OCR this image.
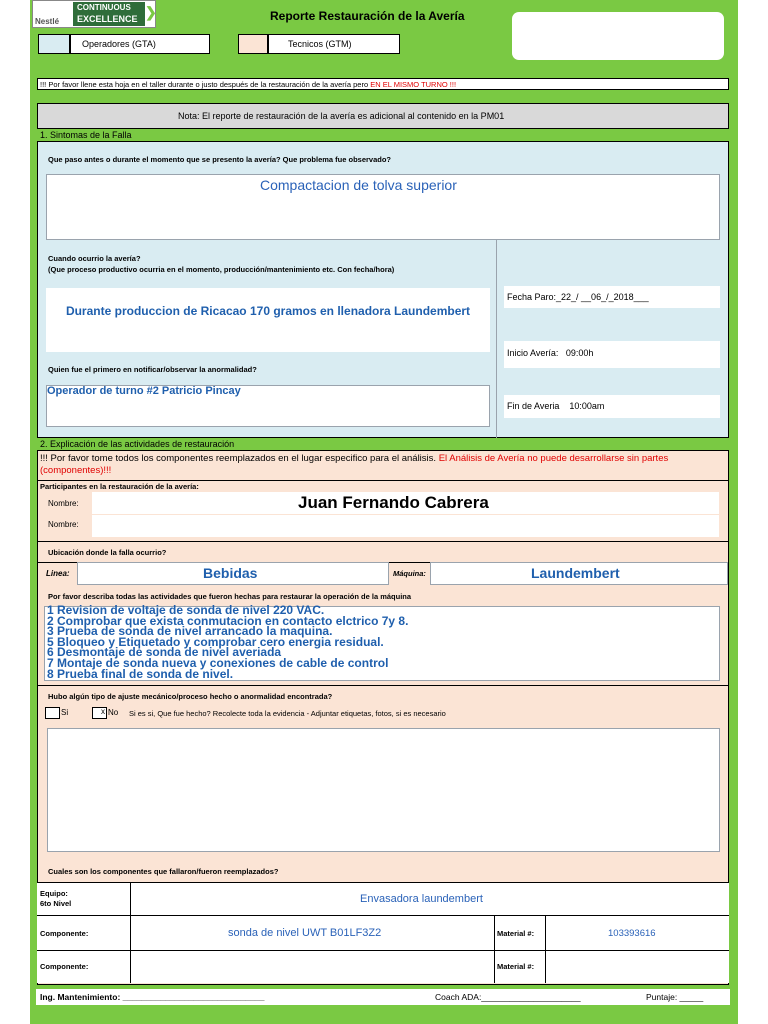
Nestlé
CONTINUOUS
EXCELLENCE ❯	Reporte Restauración de la Avería
Operadores (GTA)	Tecnicos (GTM)
!!! Por favor llene esta hoja en el taller durante o justo después de la restauración de la avería pero EN EL MISMO TURNO !!!
Nota: El reporte de restauración de la avería es adicional al contenido en la PM01
1. Sintomas de la Falla
Que paso antes o durante el momento que se presento la avería? Que problema fue observado?
Compactacion de tolva superior
Cuando ocurrio la avería?
(Que proceso productivo ocurria en el momento, producción/mantenimiento etc. Con fecha/hora)
Durante produccion de Ricacao 170 gramos en llenadora Laundembert
Quien fue el primero en notificar/observar la anormalidad?
Operador de turno #2 Patricio Pincay
Fecha Paro:_22_/ __06_/_2018___
Inicio Avería:   09:00h
Fin de Averia    10:00am
2. Explicación de las actividades de restauración
!!! Por favor tome todos los componentes reemplazados en el lugar especifico para el análisis. El Análisis de Avería no puede desarrollarse sin partes (componentes)!!!
Participantes en la restauración de la avería:
Nombre:	Juan Fernando Cabrera
Nombre:
Ubicación donde la falla ocurrio?
Linea:	Bebidas	Máquina:	Laundembert
Por favor describa todas las actividades que fueron hechas para restaurar la operación de la máquina
1 Revision de voltaje de sonda de nivel 220 VAC.
2 Comprobar que exista conmutacion en contacto elctrico 7y 8.
3 Prueba de sonda de nivel arrancado la maquina.
5 Bloqueo y Etiquetado y comprobar cero energia residual.
6 Desmontaje de sonda de nivel averiada
7 Montaje de sonda nueva y conexiones de cable de control
8 Prueba final de sonda de nivel.
Hubo algún tipo de ajuste mecánico/proceso hecho o anormalidad encontrada?
Si	x No Si es si, Que fue hecho? Recolecte toda la evidencia - Adjuntar etiquetas, fotos, si es necesario
Cuales son los componentes que fallaron/fueron reemplazados?
Equipo:
6to Nivel	Envasadora laundembert
Componente:	sonda de nivel UWT B01LF3Z2	Material #:	103393616
Componente:	Material #:
Ing. Mantenimiento: ______________________________	Coach ADA:_____________________	Puntaje: _____
